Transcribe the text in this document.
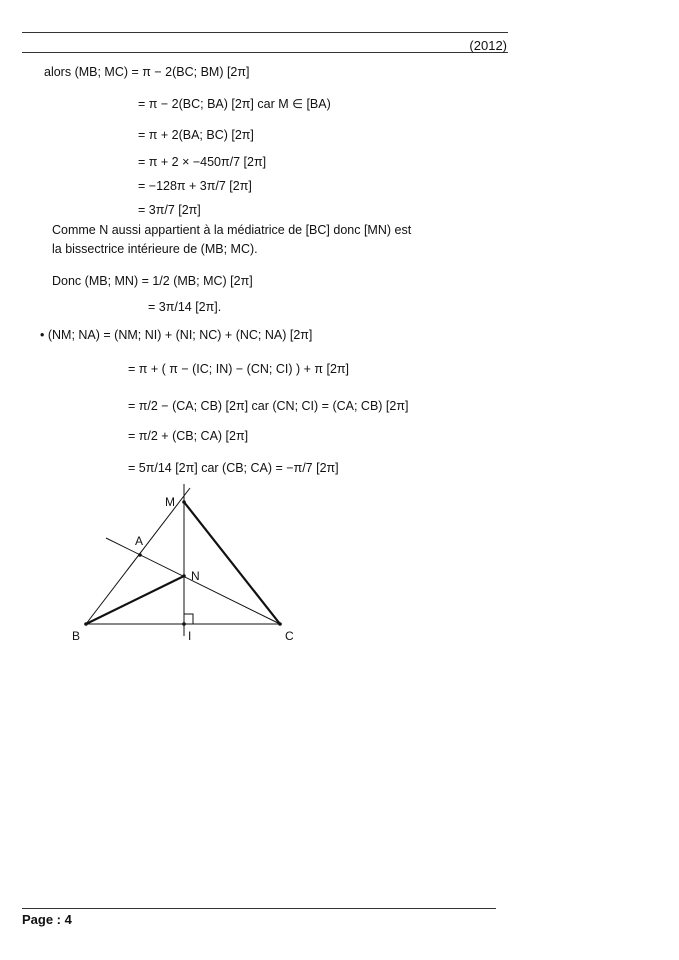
(2012)
alors (MB; MC) = π − 2(BC; BM) [2π]
= π − 2(BC; BA) [2π] car M ∈ [BA)
= π + 2(BA; BC) [2π]
= π + 2 × −450π/7 [2π]
= −128π + 3π/7 [2π]
= 3π/7 [2π]
Comme N aussi appartient à la médiatrice de [BC] donc [MN) est
la bissectrice intérieure de (MB; MC).
Donc (MB; MN) = 1/2 (MB; MC) [2π]
= 3π/14 [2π].
• (NM; NA) = (NM; NI) + (NI; NC) + (NC; NA) [2π]
= π + ( π − (IC; IN) − (CN; CI) ) + π [2π]
= π/2 − (CA; CB) [2π] car (CN; CI) = (CA; CB) [2π]
= π/2 + (CB; CA) [2π]
= 5π/14 [2π] car (CB; CA) = −π/7 [2π]
M
A
N
B	I	C
Page : 4
